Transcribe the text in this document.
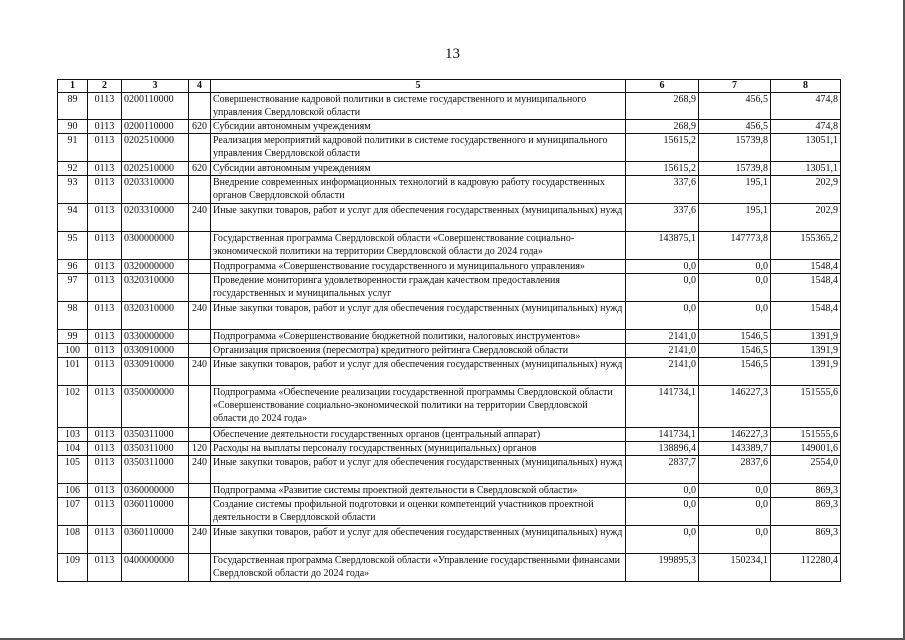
13
1	2	3	4	5	6	7	8
89	0113	0200110000		Совершенствование кадровой политики в системе государственного и муниципального управления Свердловской области	268,9	456,5	474,8
90	0113	0200110000	620	Субсидии автономным учреждениям	268,9	456,5	474,8
91	0113	0202510000		Реализация мероприятий кадровой политики в системе государственного и муниципального управления Свердловской области	15615,2	15739,8	13051,1
92	0113	0202510000	620	Субсидии автономным учреждениям	15615,2	15739,8	13051,1
93	0113	0203310000		Внедрение современных информационных технологий в кадровую работу государственных органов Свердловской области	337,6	195,1	202,9
94	0113	0203310000	240	Иные закупки товаров, работ и услуг для обеспечения государственных (муниципальных) нужд	337,6	195,1	202,9
95	0113	0300000000		Государственная программа Свердловской области «Совершенствование социально-экономической политики на территории Свердловской области до 2024 года»	143875,1	147773,8	155365,2
96	0113	0320000000		Подпрограмма «Совершенствование государственного и муниципального управления»	0,0	0,0	1548,4
97	0113	0320310000		Проведение мониторинга удовлетворенности граждан качеством предоставления государственных и муниципальных услуг	0,0	0,0	1548,4
98	0113	0320310000	240	Иные закупки товаров, работ и услуг для обеспечения государственных (муниципальных) нужд	0,0	0,0	1548,4
99	0113	0330000000		Подпрограмма «Совершенствование бюджетной политики, налоговых инструментов»	2141,0	1546,5	1391,9
100	0113	0330910000		Организация присвоения (пересмотра) кредитного рейтинга Свердловской области	2141,0	1546,5	1391,9
101	0113	0330910000	240	Иные закупки товаров, работ и услуг для обеспечения государственных (муниципальных) нужд	2141,0	1546,5	1391,9
102	0113	0350000000		Подпрограмма «Обеспечение реализации государственной программы Свердловской области «Совершенствование социально-экономической политики на территории Свердловской области до 2024 года»	141734,1	146227,3	151555,6
103	0113	0350311000		Обеспечение деятельности государственных органов (центральный аппарат)	141734,1	146227,3	151555,6
104	0113	0350311000	120	Расходы на выплаты персоналу государственных (муниципальных) органов	138896,4	143389,7	149001,6
105	0113	0350311000	240	Иные закупки товаров, работ и услуг для обеспечения государственных (муниципальных) нужд	2837,7	2837,6	2554,0
106	0113	0360000000		Подпрограмма «Развитие системы проектной деятельности в Свердловской области»	0,0	0,0	869,3
107	0113	0360110000		Создание системы профильной подготовки и оценки компетенций участников проектной деятельности в Свердловской области	0,0	0,0	869,3
108	0113	0360110000	240	Иные закупки товаров, работ и услуг для обеспечения государственных (муниципальных) нужд	0,0	0,0	869,3
109	0113	0400000000		Государственная программа Свердловской области «Управление государственными финансами Свердловской области до 2024 года»	199895,3	150234,1	112280,4
